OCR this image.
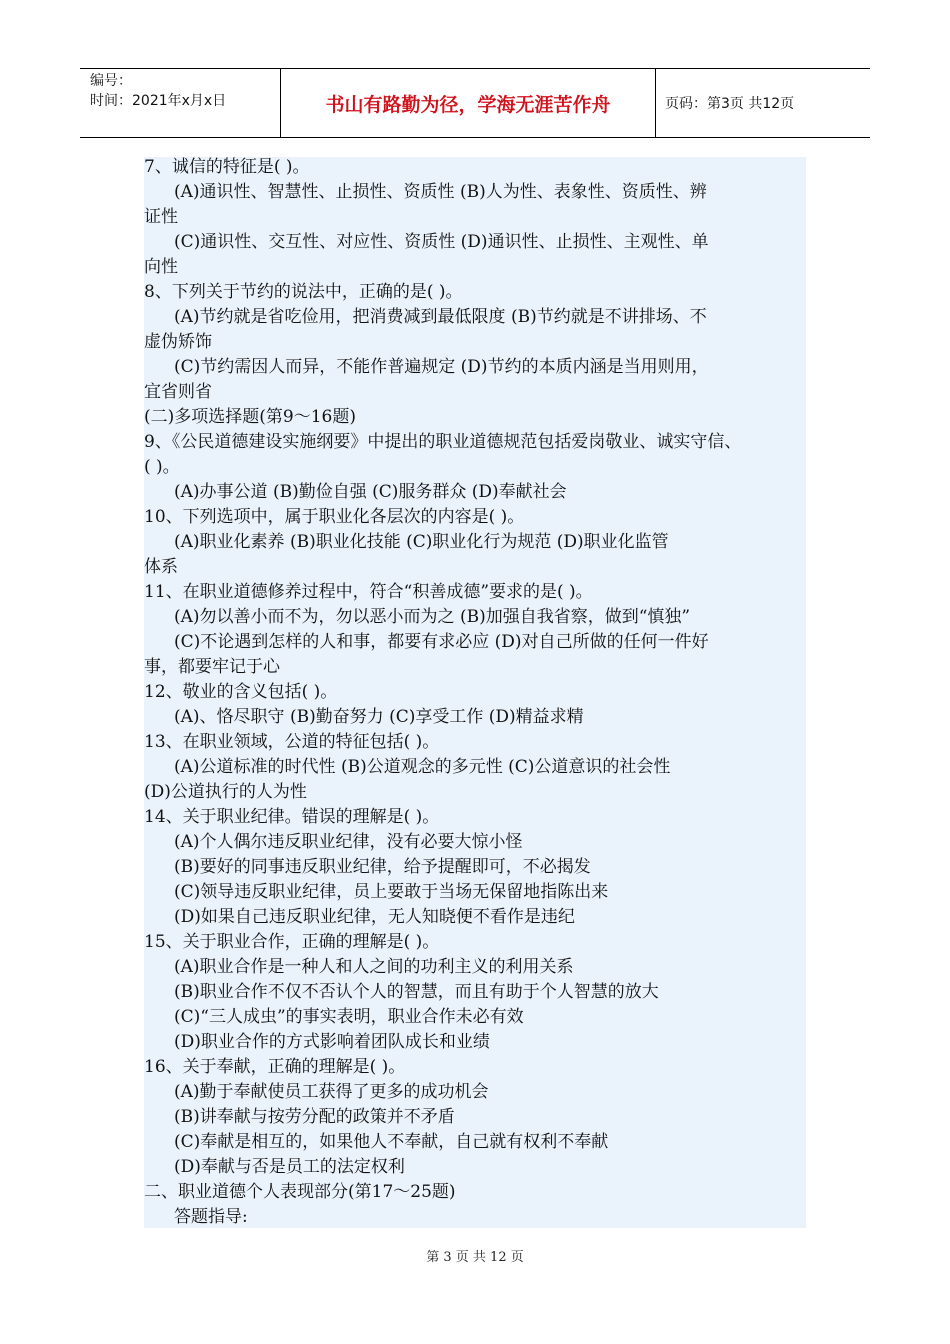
编号：
时间：2021年x月x日	书山有路勤为径，学海无涯苦作舟	页码：第3页 共12页
7、诚信的特征是( )。
(A)通识性、智慧性、止损性、资质性 (B)人为性、表象性、资质性、辨
证性
(C)通识性、交互性、对应性、资质性 (D)通识性、止损性、主观性、单
向性
8、下列关于节约的说法中，正确的是( )。
(A)节约就是省吃俭用，把消费减到最低限度 (B)节约就是不讲排场、不
虚伪矫饰
(C)节约需因人而异，不能作普遍规定 (D)节约的本质内涵是当用则用，
宜省则省
(二)多项选择题(第9～16题)
9、《公民道德建设实施纲要》中提出的职业道德规范包括爱岗敬业、诚实守信、
( )。
(A)办事公道 (B)勤俭自强 (C)服务群众 (D)奉献社会
10、下列选项中，属于职业化各层次的内容是( )。
(A)职业化素养 (B)职业化技能 (C)职业化行为规范 (D)职业化监管
体系
11、在职业道德修养过程中，符合“积善成德”要求的是( )。
(A)勿以善小而不为，勿以恶小而为之 (B)加强自我省察，做到“慎独”
(C)不论遇到怎样的人和事，都要有求必应 (D)对自己所做的任何一件好
事，都要牢记于心
12、敬业的含义包括( )。
(A)、恪尽职守 (B)勤奋努力 (C)享受工作 (D)精益求精
13、在职业领域，公道的特征包括( )。
(A)公道标准的时代性 (B)公道观念的多元性 (C)公道意识的社会性
(D)公道执行的人为性
14、关于职业纪律。错误的理解是( )。
(A)个人偶尔违反职业纪律，没有必要大惊小怪
(B)要好的同事违反职业纪律，给予提醒即可，不必揭发
(C)领导违反职业纪律，员上要敢于当场无保留地指陈出来
(D)如果自己违反职业纪律，无人知晓便不看作是违纪
15、关于职业合作，正确的理解是( )。
(A)职业合作是一种人和人之间的功利主义的利用关系
(B)职业合作不仅不否认个人的智慧，而且有助于个人智慧的放大
(C)“三人成虫”的事实表明，职业合作未必有效
(D)职业合作的方式影响着团队成长和业绩
16、关于奉献，正确的理解是( )。
(A)勤于奉献使员工获得了更多的成功机会
(B)讲奉献与按劳分配的政策并不矛盾
(C)奉献是相互的，如果他人不奉献，自己就有权利不奉献
(D)奉献与否是员工的法定权利
二、职业道德个人表现部分(第17～25题)
答题指导:
第 3 页 共 12 页
